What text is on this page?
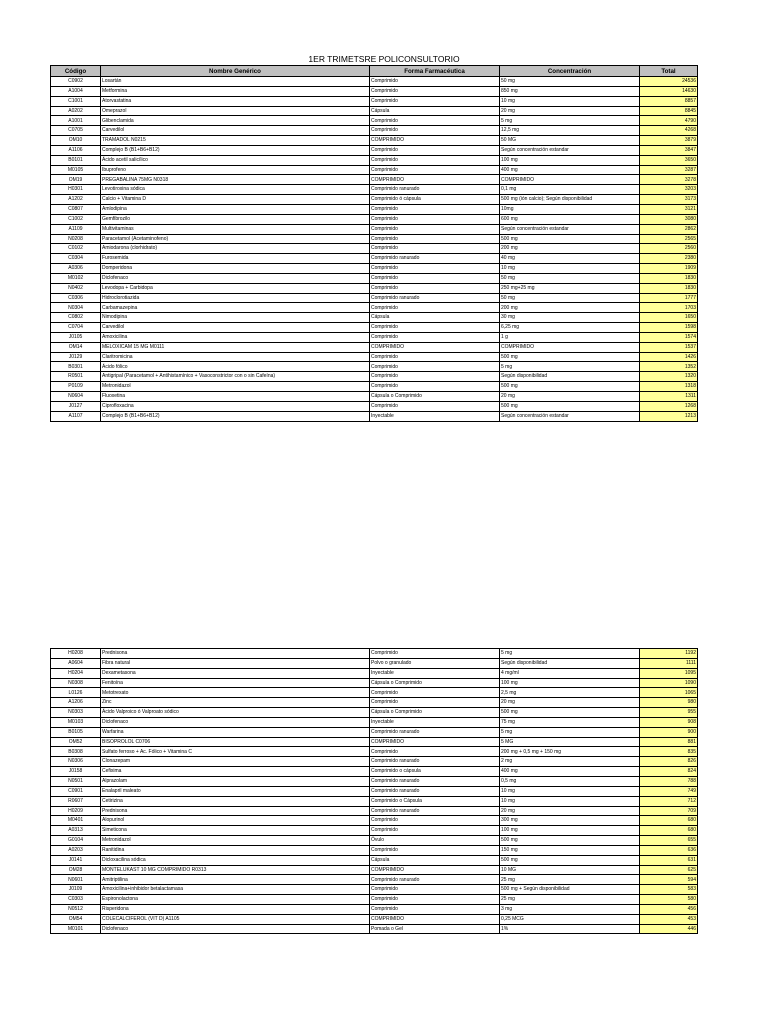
1ER TRIMETSRE POLICONSULTORIO
Código	Nombre Genérico	Forma Farmacéutica	Concentración	Total
C0902	Losartán	Comprimido	50 mg	24536
A1004	Metformina	Comprimido	850 mg	14630
C1001	Atorvastatina	Comprimido	10 mg	8857
A0202	Omeprazol	Cápsula	20 mg	8845
A1001	Glibenclamida	Comprimido	5 mg	4790
C0705	Carvedilol	Comprimido	12,5 mg	4268
OM10	TRAMADOL N0215	COMPRIMIDO	50 MG	3879
A1106	Complejo B (B1+B6+B12)	Comprimido	Según concentración estandar	3847
B0101	Ácido acetil salicílico	Comprimido	100 mg	3650
M0105	Ibuprofeno	Comprimido	400 mg	3287
OM19	PREGABALINA 75MG N0318	COMPRIMIDO	COMPRIMIDO	3278
H0301	Levotiroxina sódica	Comprimido ranurado	0,1 mg	3203
A1202	Calcio + Vitamina D	Comprimido ó cápsula	500 mg (ión calcio); Según disponibilidad	3173
C0807	Amlodipina	Comprimido	10mg	3121
C1002	Gemfibrozilo	Comprimido	600 mg	3080
A1109	Multivitaminas	Comprimido	Según concentración estandar	2862
N0208	Paracetamol (Acetaminofeno)	Comprimido	500 mg	2565
C0102	Amiodarona (clorhidrato)	Comprimido	200 mg	2560
C0304	Furosemida	Comprimido ranurado	40 mg	2380
A0306	Domperidona	Comprimido	10 mg	1909
M0102	Diclofenaco	Comprimido	50 mg	1830
N0402	Levodopa + Carbidopa	Comprimido	250 mg+25 mg	1830
C0306	Hidroclorotiazida	Comprimido ranurado	50 mg	1777
N0304	Carbamazepina	Comprimido	200 mg	1703
C0802	Nimodipina	Cápsula	30 mg	1650
C0704	Carvedilol	Comprimido	6,25 mg	1598
J0105	Amoxicilina	Comprimido	1 g	1574
OM14	MELOXICAM 15 MG M0111	COMPRIMIDO	COMPRIMIDO	1537
J0129	Claritromicina	Comprimido	500 mg	1426
B0301	Ácido fólico	Comprimido	5 mg	1352
R0501	Antigripal (Paracetamol + Antihistamínico + Vasoconstrictor con o sin Cafeína)	Comprimido	Según disponibilidad	1320
P0109	Metronidazol	Comprimido	500 mg	1318
N0604	Fluoxetina	Cápsula o Comprimido	20 mg	1311
J0127	Ciprofloxacina	Comprimido	500 mg	1268
A1107	Complejo B (B1+B6+B12)	Inyectable	Según concentración estandar	1213
H0208	Prednisona	Comprimido	5 mg	1192
A0604	Fibra natural	Polvo o granulado	Según disponibilidad	1111
H0204	Dexametasona	Inyectable	4 mg/ml	1095
N0308	Fenitoína	Cápsula o Comprimido	100 mg	1090
L0126	Metotrexato	Comprimido	2,5 mg	1065
A1206	Zinc	Comprimido	20 mg	980
N0303	Ácido Valproico ó Valproato sódico	Cápsula o Comprimido	500 mg	955
M0103	Diclofenaco	Inyectable	75 mg	908
B0105	Warfarina	Comprimido ranurado	5 mg	900
OM52	BISOPROLOL C0706	COMPRIMIDO	5 MG	881
B0308	Sulfato ferroso + Ac. Fólico + Vitamina C	Comprimido	200 mg + 0,5 mg + 150 mg	835
N0306	Clonazepam	Comprimido ranurado	2 mg	826
J0158	Cefixima	Comprimido o cápsula	400 mg	824
N0501	Alprazolam	Comprimido ranurado	0,5 mg	788
C0901	Enalapril maleato	Comprimido ranurado	10 mg	749
R0607	Cetirizina	Comprimido o Cápsula	10 mg	712
H0209	Prednisona	Comprimido ranurado	20 mg	709
M0401	Alopurinol	Comprimido	300 mg	680
A0313	Simeticona	Comprimido	100 mg	680
G0104	Metronidazol	Óvulo	500 mg	655
A0203	Ranitidina	Comprimido	150 mg	636
J0141	Dicloxacilina sódica	Cápsula	500 mg	631
OM28	MONTELUKAST 10 MG COMPRIMIDO R0313	COMPRIMIDO	10 MG	625
N0601	Amitriptilina	Comprimido ranurado	25 mg	594
J0109	Amoxicilina+inhibidor betalactamasa	Comprimido	500 mg + Según disponibilidad	583
C0303	Espironolactona	Comprimido	25 mg	580
N0512	Risperidona	Comprimido	3 mg	456
OM54	COLECALCIFEROL (VIT D) A1105	COMPRIMIDO	0,25 MCG	453
M0101	Diclofenaco	Pomada o Gel	1%	446
